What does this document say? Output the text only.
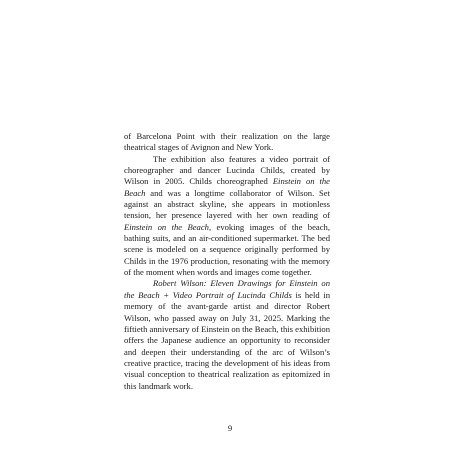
of Barcelona Point with their realization on the large theatrical stages of Avignon and New York.

The exhibition also features a video portrait of choreographer and dancer Lucinda Childs, created by Wilson in 2005. Childs choreographed Einstein on the Beach and was a longtime collaborator of Wilson. Set against an abstract skyline, she appears in motionless tension, her presence layered with her own reading of Einstein on the Beach, evoking images of the beach, bathing suits, and an air-conditioned supermarket. The bed scene is modeled on a sequence originally performed by Childs in the 1976 production, resonating with the memory of the moment when words and images come together.

Robert Wilson: Eleven Drawings for Einstein on the Beach + Video Portrait of Lucinda Childs is held in memory of the avant-garde artist and director Robert Wilson, who passed away on July 31, 2025. Marking the fiftieth anniversary of Einstein on the Beach, this exhibition offers the Japanese audience an opportunity to reconsider and deepen their understanding of the arc of Wilson’s creative practice, tracing the development of his ideas from visual conception to theatrical realization as epitomized in this landmark work.

9
